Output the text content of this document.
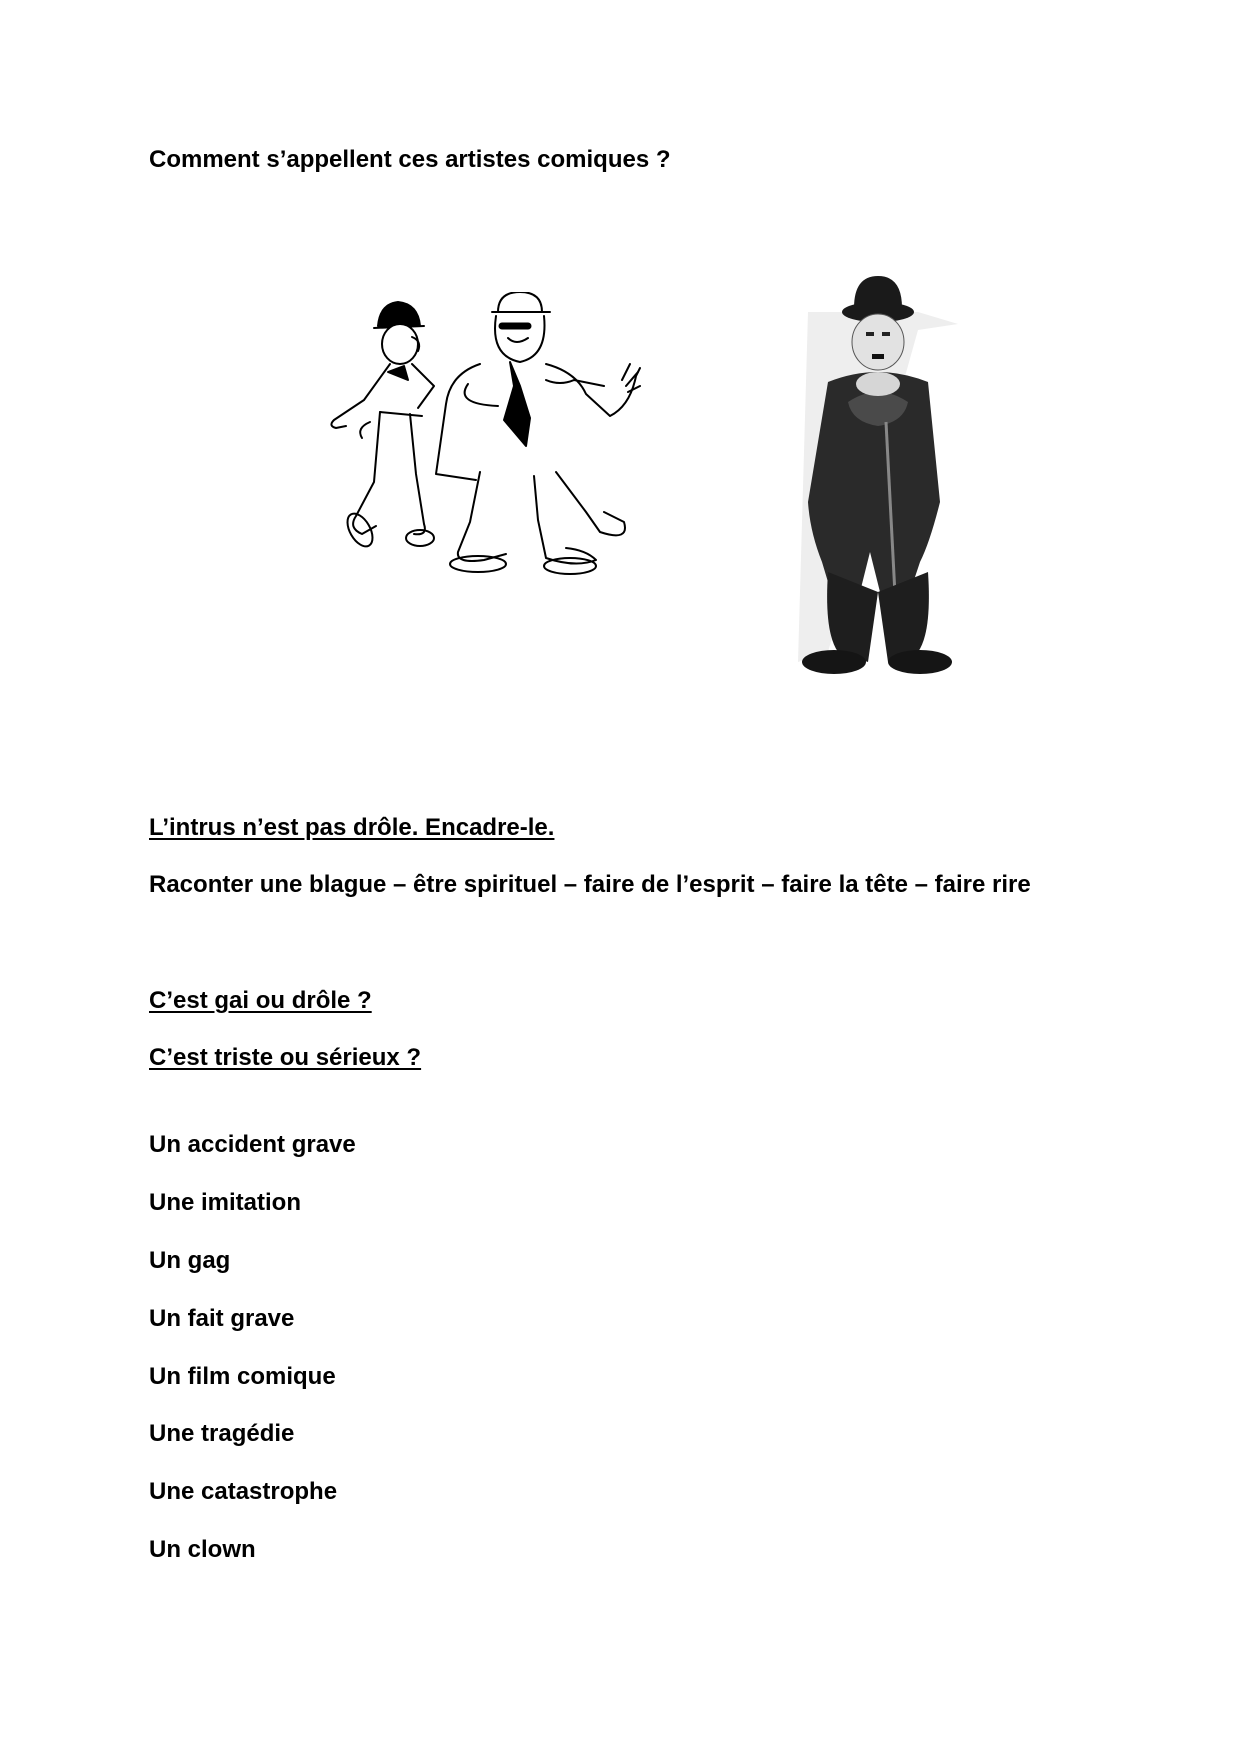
Comment s’appellent ces artistes comiques ?

L’intrus n’est pas drôle. Encadre-le.

Raconter une blague – être spirituel – faire de l’esprit – faire la tête – faire rire

C’est gai ou drôle ?

C’est triste ou sérieux ?

Un accident grave

Une imitation

Un gag

Un fait grave

Un film comique

Une tragédie

Une catastrophe

Un clown
